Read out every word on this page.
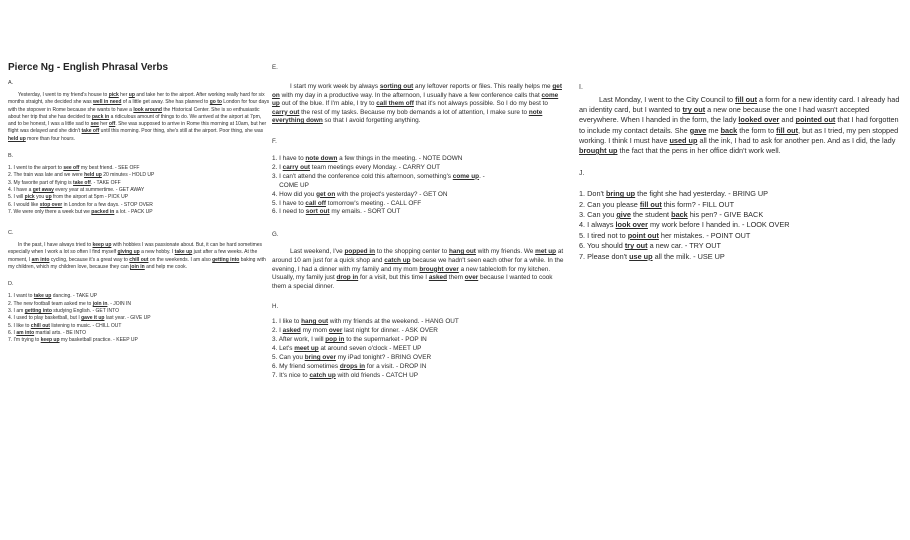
Pierce Ng - English Phrasal Verbs
A.

Yesterday, I went to my friend's house to pick her up and take her to the airport. After working really hard for six months straight, she decided she was well in need of a little get away. She has planned to go to London for four days with the stopover in Rome because she wants to have a look around the Historical Center. She is so enthusiastic about her trip that she has decided to pack in a ridiculous amount of things to do. We arrived at the airport at 7pm, and to be honest, I was a little sad to see her off. She was supposed to arrive in Rome this morning at 10am, but her flight was delayed and she didn't take off until this morning. Poor thing, she's still at the airport. Poor thing, she was held up more than four hours.

B.
1. I went to the airport to see off my best friend. - SEE OFF
2. The train was late and we were held up 20 minutes - HOLD UP
3. My favorite part of flying is take off. - TAKE OFF
4. I have a get away every year at summertime. - GET AWAY
5. I will pick you up from the airport at 5pm - PICK UP
6. I would like stop over in London for a few days. - STOP OVER
7. We were only there a week but we packed in a lot. - PACK UP
C.

In the past, I have always tried to keep up with hobbies I was passionate about. But, it can be hard sometimes especially when I work a lot so often I find myself giving up a new hobby. I take up just after a few weeks. At the moment, I am into cycling, because it's a great way to chill out on the weekends. I am also getting into baking with my children, which my children love, because they can join in and help me cook.

D.
1. I want to take up dancing. - TAKE UP
2. The new football team asked me to join in. - JOIN IN
3. I am getting into studying English. - GET INTO
4. I used to play basketball, but I gave it up last year. - GIVE UP
5. I like to chill out listening to music. - CHILL OUT
6. I am into martial arts. - BE INTO
7. I'm trying to keep up my basketball practice. - KEEP UP
E.

I start my work week by always sorting out any leftover reports or files. This really helps me get on with my day in a productive way. In the afternoon, I usually have a few conference calls that come up out of the blue. If I'm able, I try to call them off that it's not always possible. So I do my best to carry out the rest of my tasks. Because my bob demands a lot of attention, I make sure to note everything down so that I avoid forgetting anything.

F.
1. I have to note down a few things in the meeting. - NOTE DOWN
2. I carry out team meetings every Monday. - CARRY OUT
3. I can't attend the conference cold this afternoon, something's come up. -
COME UP
4. How did you get on with the project's yesterday? - GET ON
5. I have to call off tomorrow's meeting. - CALL OFF
6. I need to sort out my emails. - SORT OUT
G.

Last weekend, I've popped in to the shopping center to hang out with my friends. We met up at around 10 am just for a quick shop and catch up because we hadn't seen each other for a while. In the evening, I had a dinner with my family and my mom brought over a new tablecloth for my kitchen. Usually, my family just drop in for a visit, but this time I asked them over because I wanted to cook them a special dinner.

H.
1. I like to hang out with my friends at the weekend. - HANG OUT
2. I asked my mom over last night for dinner. - ASK OVER
3. After work, I will pop in to the supermarket - POP IN
4. Let's meet up at around seven o'clock - MEET UP
5. Can you bring over my iPad tonight? - BRING OVER
6. My friend sometimes drops in for a visit. - DROP IN
7. It's nice to catch up with old friends - CATCH UP
I.

Last Monday, I went to the City Council to fill out a form for a new identity card. I already had an identity card, but I wanted to try out a new one because the one I had wasn't accepted everywhere. When I handed in the form, the lady looked over and pointed out that I had forgotten to include my contact details. She gave me back the form to fill out, but as I tried, my pen stopped working. I think I must have used up all the ink, I had to ask for another pen. And as I did, the lady brought up the fact that the pens in her office didn't work well.

J.
1. Don't bring up the fight she had yesterday. - BRING UP
2. Can you please fill out this form? - FILL OUT
3. Can you give the student back his pen? - GIVE BACK
4. I always look over my work before I handed in. - LOOK OVER
5. I tired not to point out her mistakes. - POINT OUT
6. You should try out a new car. - TRY OUT
7. Please don't use up all the milk. - USE UP
